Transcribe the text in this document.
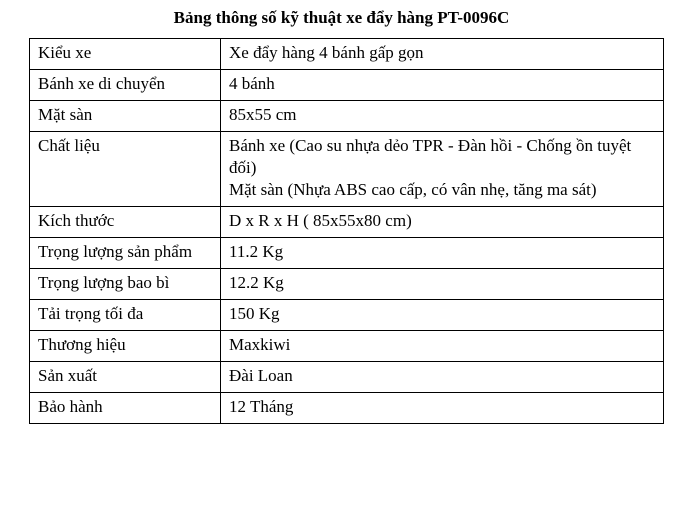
Bảng thông số kỹ thuật xe đẩy hàng PT-0096C
Kiểu xe	Xe đẩy hàng 4 bánh gấp gọn

Bánh xe di chuyển	4 bánh

Mặt sàn	85x55 cm

Chất liệu	Bánh xe (Cao su nhựa dẻo TPR - Đàn hồi - Chống ồn tuyệt đối)
Mặt sàn (Nhựa ABS cao cấp, có vân nhẹ, tăng ma sát)

Kích thước	D x R x H ( 85x55x80 cm)

Trọng lượng sản phẩm	11.2 Kg

Trọng lượng bao bì	12.2 Kg

Tải trọng tối đa	150 Kg

Thương hiệu	Maxkiwi

Sản xuất	Đài Loan

Bảo hành	12 Tháng
